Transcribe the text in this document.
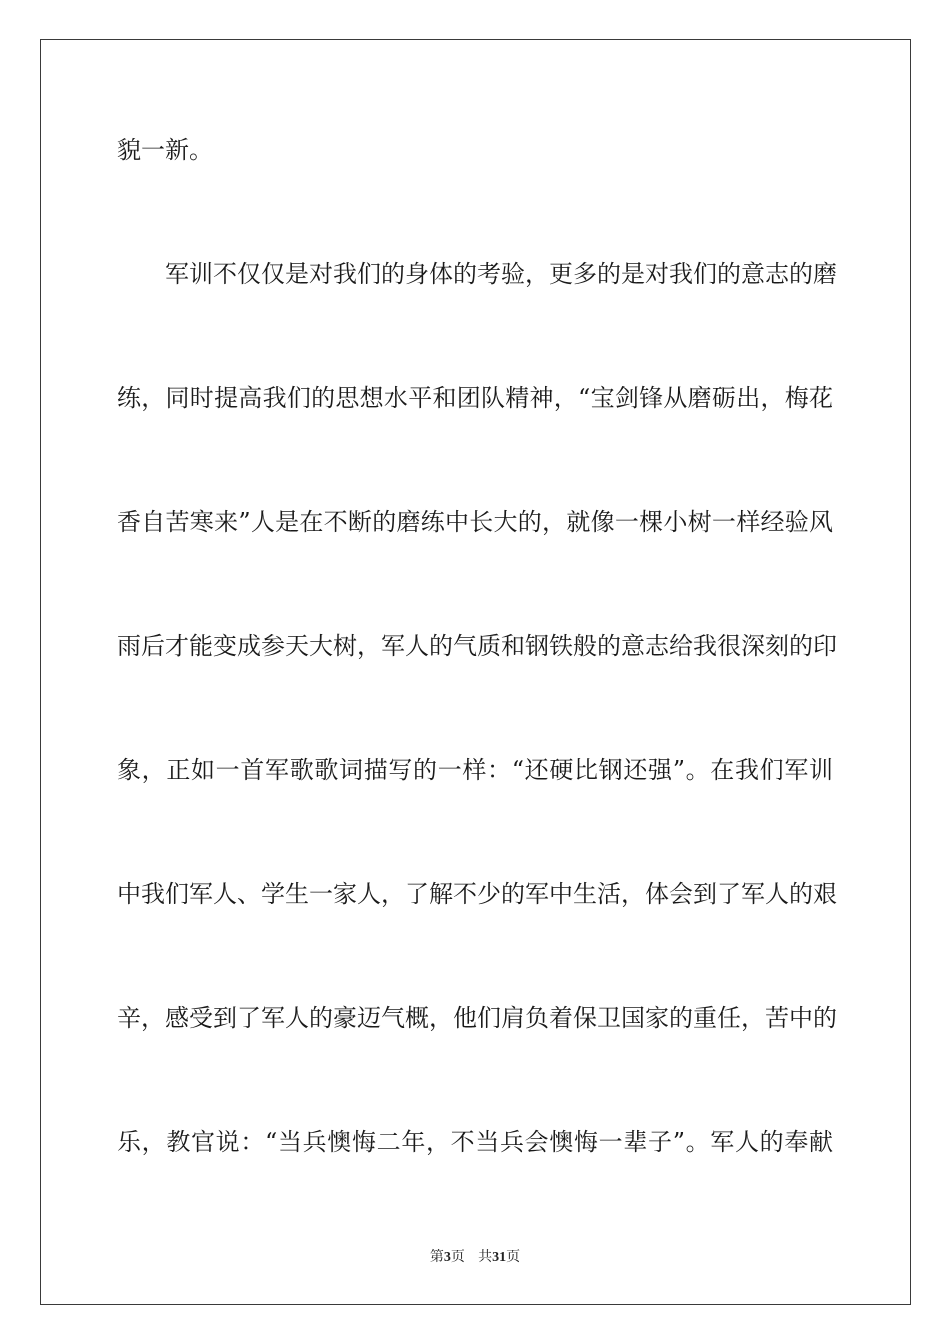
貌一新。
军训不仅仅是对我们的身体的考验，更多的是对我们的意志的磨
练，同时提高我们的思想水平和团队精神，“宝剑锋从磨砺出，梅花
香自苦寒来”人是在不断的磨练中长大的，就像一棵小树一样经验风
雨后才能变成参天大树，军人的气质和钢铁般的意志给我很深刻的印
象，正如一首军歌歌词描写的一样：“还硬比钢还强”。在我们军训
中我们军人、学生一家人，了解不少的军中生活，体会到了军人的艰
辛，感受到了军人的豪迈气概，他们肩负着保卫国家的重任，苦中的
乐，教官说：“当兵懊悔二年，不当兵会懊悔一辈子”。军人的奉献
第3页 共31页
